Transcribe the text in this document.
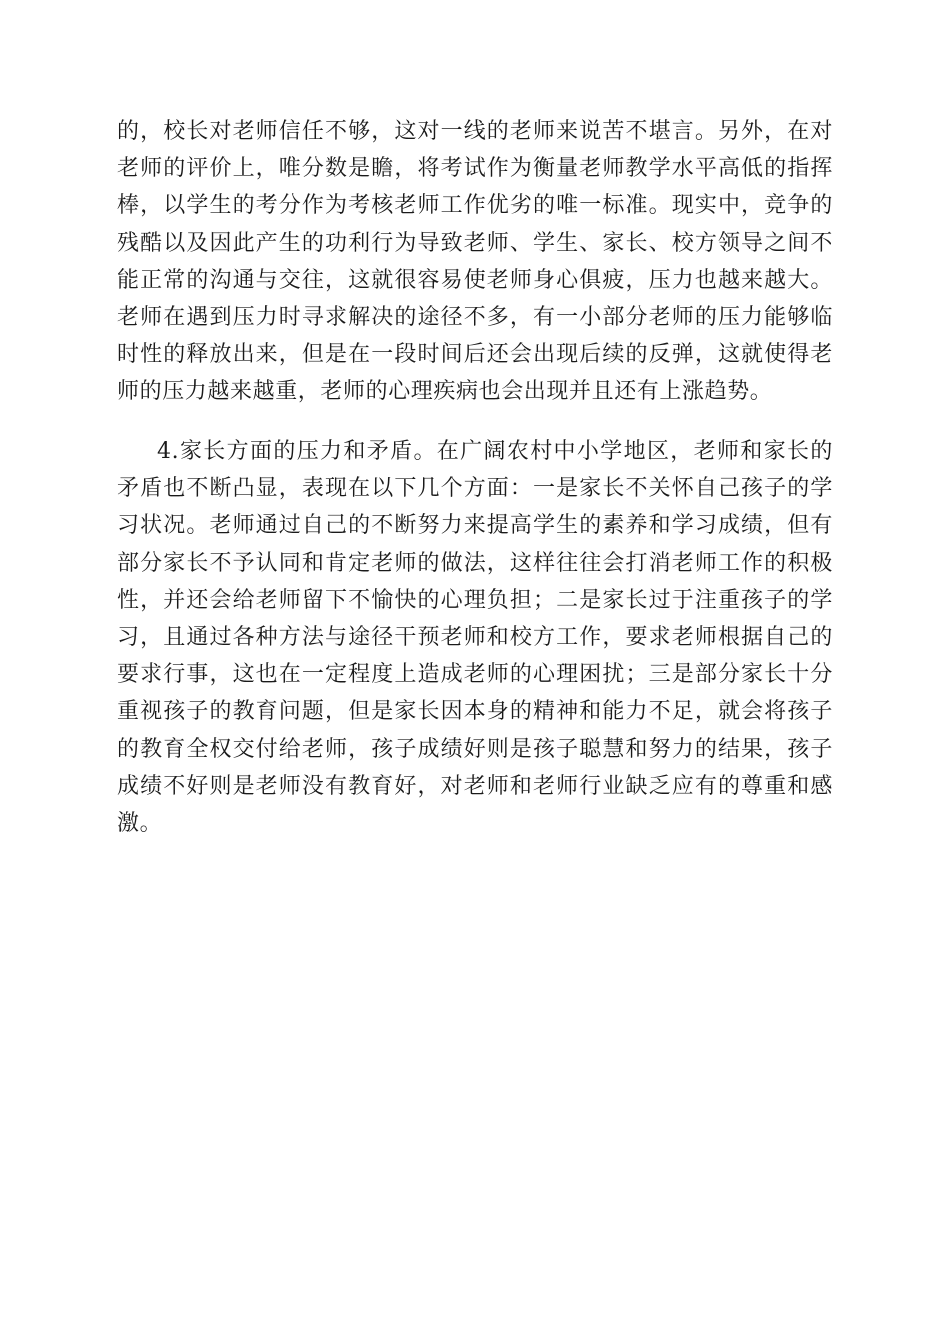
的，校长对老师信任不够，这对一线的老师来说苦不堪言。另外，在对老师的评价上，唯分数是瞻，将考试作为衡量老师教学水平高低的指挥棒，以学生的考分作为考核老师工作优劣的唯一标准。现实中，竞争的残酷以及因此产生的功利行为导致老师、学生、家长、校方领导之间不能正常的沟通与交往，这就很容易使老师身心俱疲，压力也越来越大。老师在遇到压力时寻求解决的途径不多，有一小部分老师的压力能够临时性的释放出来，但是在一段时间后还会出现后续的反弹，这就使得老师的压力越来越重，老师的心理疾病也会出现并且还有上涨趋势。

4.家长方面的压力和矛盾。在广阔农村中小学地区，老师和家长的矛盾也不断凸显，表现在以下几个方面：一是家长不关怀自己孩子的学习状况。老师通过自己的不断努力来提高学生的素养和学习成绩，但有部分家长不予认同和肯定老师的做法，这样往往会打消老师工作的积极性，并还会给老师留下不愉快的心理负担；二是家长过于注重孩子的学习，且通过各种方法与途径干预老师和校方工作，要求老师根据自己的要求行事，这也在一定程度上造成老师的心理困扰；三是部分家长十分重视孩子的教育问题，但是家长因本身的精神和能力不足，就会将孩子的教育全权交付给老师，孩子成绩好则是孩子聪慧和努力的结果，孩子成绩不好则是老师没有教育好，对老师和老师行业缺乏应有的尊重和感激。
